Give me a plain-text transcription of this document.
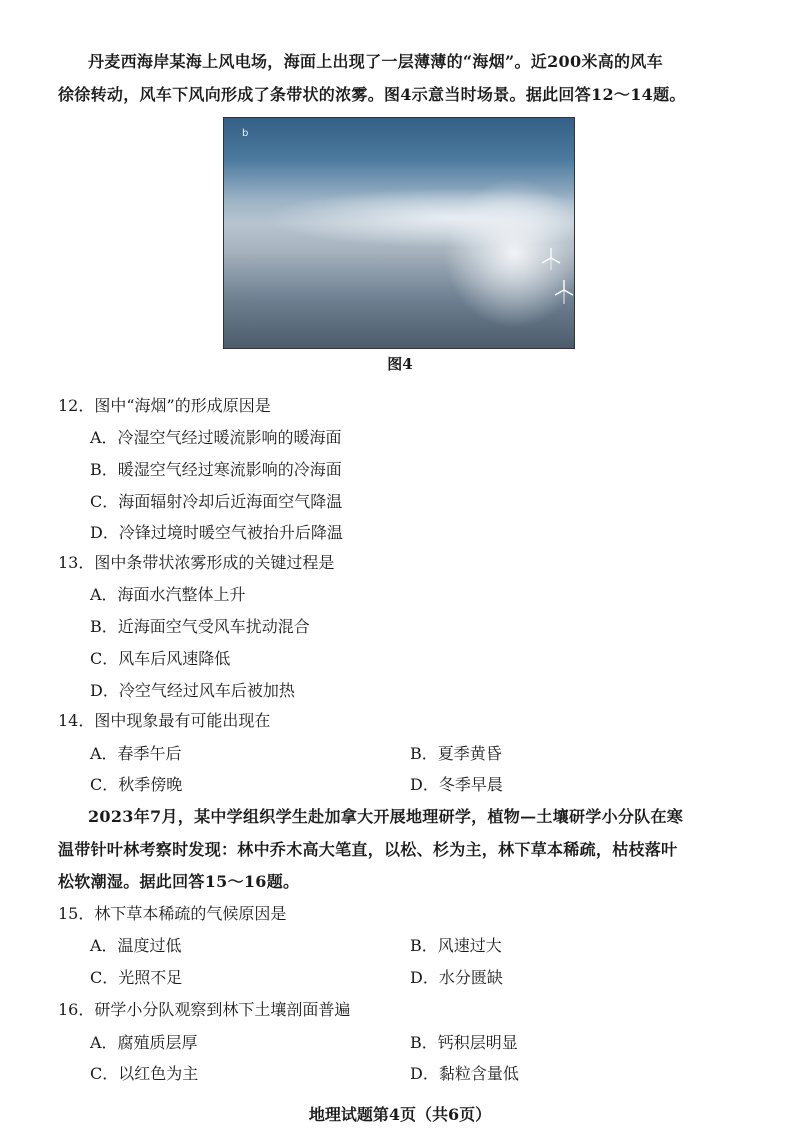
丹麦西海岸某海上风电场，海面上出现了一层薄薄的“海烟”。近200米高的风车
徐徐转动，风车下风向形成了条带状的浓雾。图4示意当时场景。据此回答12～14题。
b
图4
12．图中“海烟”的形成原因是
A．冷湿空气经过暖流影响的暖海面
B．暖湿空气经过寒流影响的冷海面
C．海面辐射冷却后近海面空气降温
D．冷锋过境时暖空气被抬升后降温
13．图中条带状浓雾形成的关键过程是
A．海面水汽整体上升
B．近海面空气受风车扰动混合
C．风车后风速降低
D．冷空气经过风车后被加热
14．图中现象最有可能出现在
A．春季午后	B．夏季黄昏
C．秋季傍晚	D．冬季早晨
2023年7月，某中学组织学生赴加拿大开展地理研学，植物—土壤研学小分队在寒
温带针叶林考察时发现：林中乔木高大笔直，以松、杉为主，林下草本稀疏，枯枝落叶
松软潮湿。据此回答15～16题。
15．林下草本稀疏的气候原因是
A．温度过低	B．风速过大
C．光照不足	D．水分匮缺
16．研学小分队观察到林下土壤剖面普遍
A．腐殖质层厚	B．钙积层明显
C．以红色为主	D．黏粒含量低
地理试题第4页（共6页）
